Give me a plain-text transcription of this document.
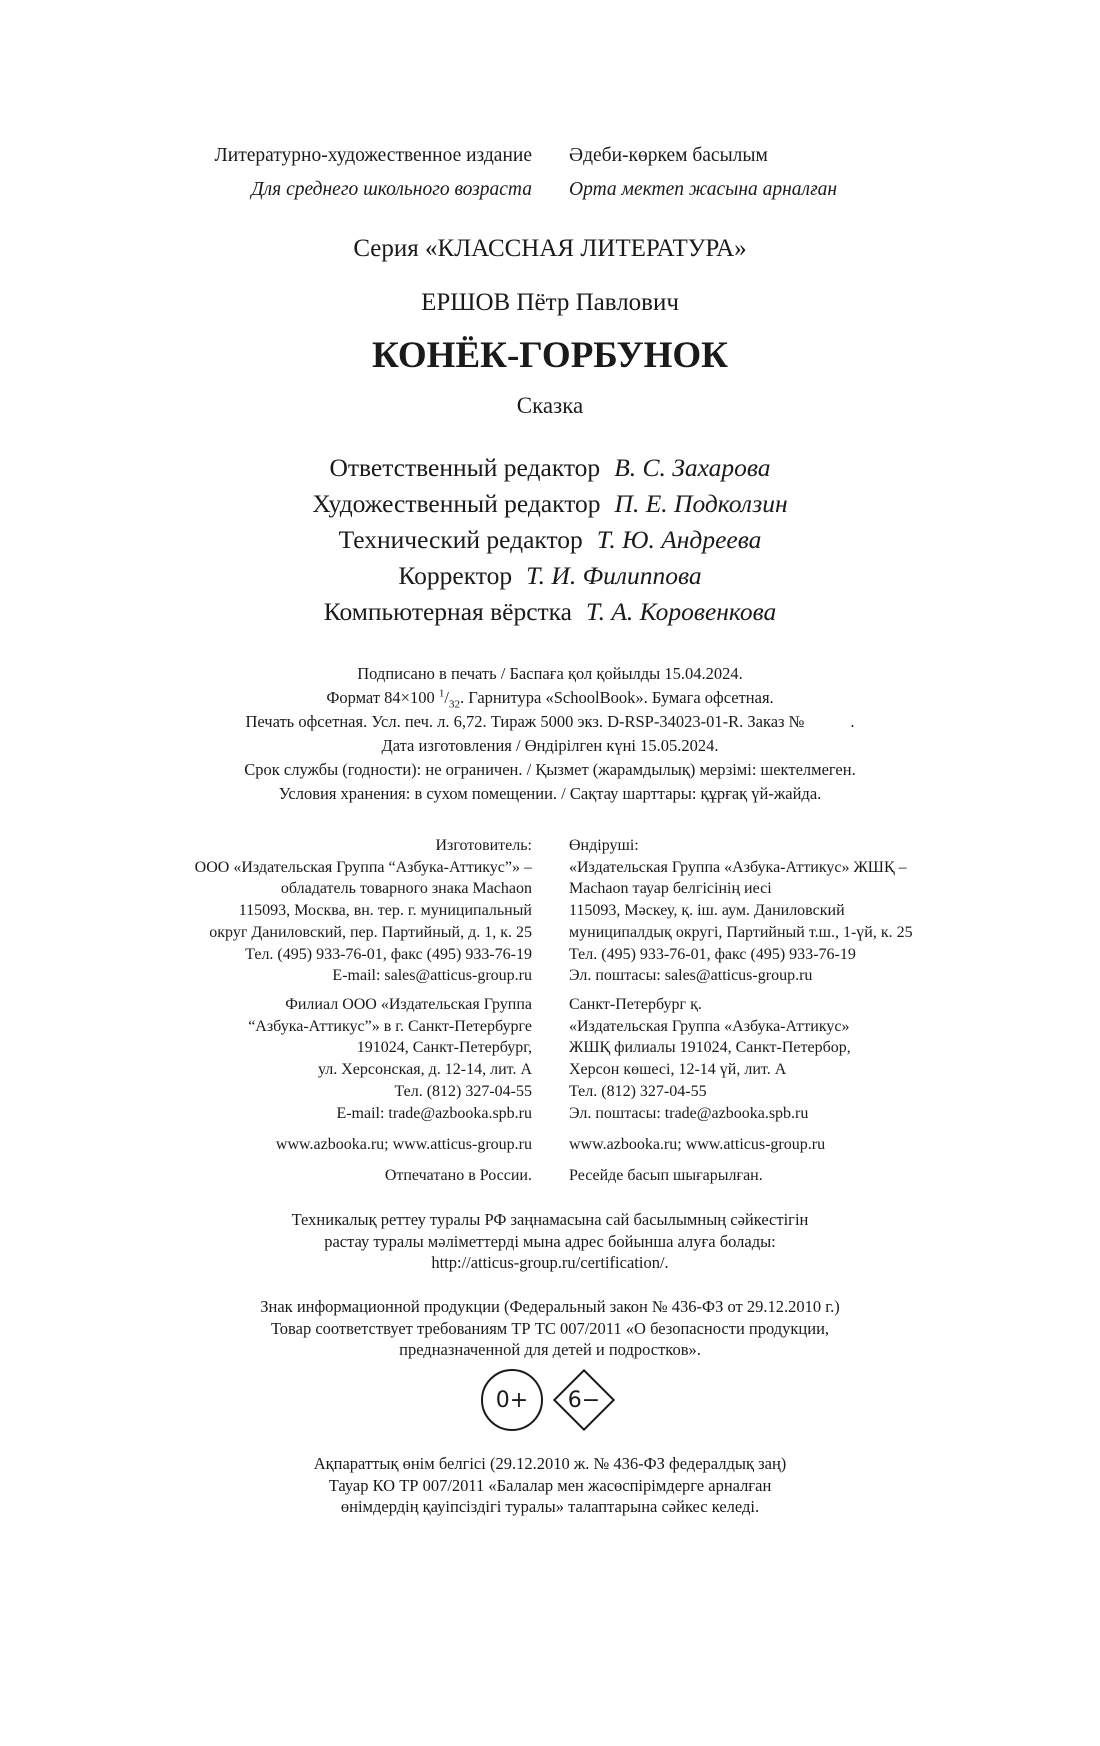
Литературно-художественное издание
Для среднего школьного возраста
Әдеби-көркем басылым
Орта мектеп жасына арналған
Серия «КЛАССНАЯ ЛИТЕРАТУРА»
ЕРШОВ Пётр Павлович
КОНЁК-ГОРБУНОК
Сказка
Ответственный редактор В. С. Захарова
Художественный редактор П. Е. Подколзин
Технический редактор Т. Ю. Андреева
Корректор Т. И. Филиппова
Компьютерная вёрстка Т. А. Коровенкова
Подписано в печать / Баспаға қол қойылды 15.04.2024.
Формат 84×100 $^1/_{32}$. Гарнитура «SchoolBook». Бумага офсетная.
Печать офсетная. Усл. печ. л. 6,72. Тираж 5000 экз. D-RSP-34023-01-R. Заказ №	.
Дата изготовления / Өндірілген күні 15.05.2024.
Срок службы (годности): не ограничен. / Қызмет (жарамдылық) мерзімі: шектелмеген.
Условия хранения: в сухом помещении. / Сақтау шарттары: құрғақ үй-жайда.
Изготовитель:
ООО «Издательская Группа “Азбука-Аттикус”» –
обладатель товарного знака Machaon
115093, Москва, вн. тер. г. муниципальный
округ Даниловский, пер. Партийный, д. 1, к. 25
Тел. (495) 933-76-01, факс (495) 933-76-19
E-mail: sales@atticus-group.ru
Өндіруші:
«Издательская Группа «Азбука-Аттикус» ЖШҚ –
Machaon тауар белгісінің иесі
115093, Мәскеу, қ. іш. аум. Даниловский
муниципалдық округі, Партийный т.ш., 1-үй, к. 25
Тел. (495) 933-76-01, факс (495) 933-76-19
Эл. поштасы: sales@atticus-group.ru
Филиал ООО «Издательская Группа
“Азбука-Аттикус”» в г. Санкт-Петербурге
191024, Санкт-Петербург,
ул. Херсонская, д. 12-14, лит. А
Тел. (812) 327-04-55
E-mail: trade@azbooka.spb.ru
Санкт-Петербург қ.
«Издательская Группа «Азбука-Аттикус»
ЖШҚ филиалы 191024, Санкт-Петербор,
Херсон көшесі, 12-14 үй, лит. А
Тел. (812) 327-04-55
Эл. поштасы: trade@azbooka.spb.ru
www.azbooka.ru; www.atticus-group.ru www.azbooka.ru; www.atticus-group.ru
Отпечатано в России. Ресейде басып шығарылған.
Техникалық реттеу туралы РФ заңнамасына сай басылымның сәйкестігін
растау туралы мәліметтерді мына адрес бойынша алуға болады:
http://atticus-group.ru/certification/.
Знак информационной продукции (Федеральный закон № 436-ФЗ от 29.12.2010 г.)
Товар соответствует требованиям ТР ТС 007/2011 «О безопасности продукции,
предназначенной для детей и подростков».
0+	6−
Ақпараттық өнім белгісі (29.12.2010 ж. № 436-ФЗ федералдық заң)
Тауар КО ТР 007/2011 «Балалар мен жасөспірімдерге арналған
өнімдердің қауіпсіздігі туралы» талаптарына сәйкес келеді.
